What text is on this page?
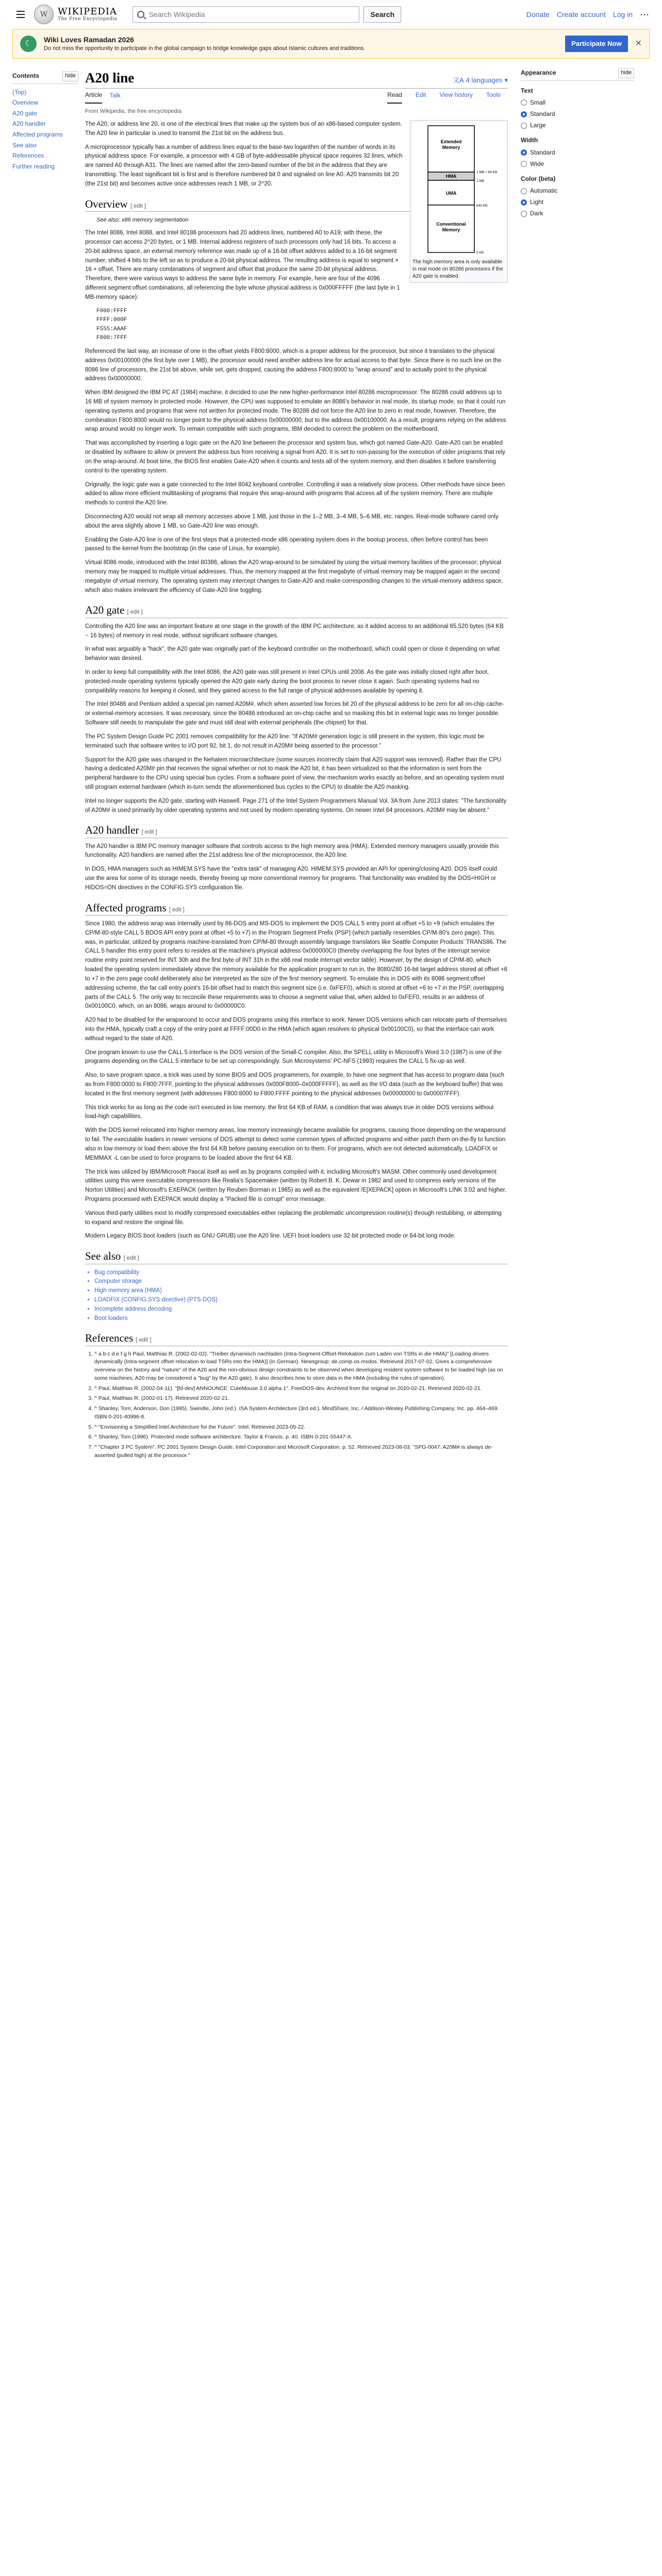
W	WIKIPEDIA
The Free Encyclopedia
Search Wikipedia	Search	Donate Create account Log in ⋯
☾	Wiki Loves Ramadan 2026
Do not miss the opportunity to participate in the global campaign to bridge knowledge gaps about Islamic cultures and traditions.
Participate Now	✕
Contents	hide
(Top)
Overview
A20 gate
A20 handler
Affected programs
See also
References
Further reading
A20 line	文A 4 languages ▾
Article Talk	Read Edit View history Tools
From Wikipedia, the free encyclopedia
Extended Memory
HMA
UMA
Conventional Memory
1 MB + 64 KB
1 MB
640 KB
0 KB
The high memory area is only available in real mode on 80286 processors if the A20 gate is enabled.

The A20, or address line 20, is one of the electrical lines that make up the system bus of an x86-based computer system. The A20 line in particular is used to transmit the 21st bit on the address bus.

A microprocessor typically has a number of address lines equal to the base-two logarithm of the number of words in its physical address space. For example, a processor with 4 GB of byte-addressable physical space requires 32 lines, which are named A0 through A31. The lines are named after the zero-based number of the bit in the address that they are transmitting. The least significant bit is first and is therefore numbered bit 0 and signaled on line A0. A20 transmits bit 20 (the 21st bit) and becomes active once addresses reach 1 MB, or 2^20.

Overview [ edit ]
See also: x86 memory segmentation

The Intel 8086, Intel 8088, and Intel 80186 processors had 20 address lines, numbered A0 to A19; with these, the processor can access 2^20 bytes, or 1 MB. Internal address registers of such processors only had 16 bits. To access a 20-bit address space, an external memory reference was made up of a 16-bit offset address added to a 16-bit segment number, shifted 4 bits to the left so as to produce a 20-bit physical address. The resulting address is equal to segment × 16 + offset. There are many combinations of segment and offset that produce the same 20-bit physical address. Therefore, there were various ways to address the same byte in memory. For example, here are four of the 4096 different segment:offset combinations, all referencing the byte whose physical address is 0x000FFFFF (the last byte in 1 MB-memory space):

F000:FFFF
FFFF:000F
F555:AAAF
F800:7FFF

Referenced the last way, an increase of one in the offset yields F800:8000, which is a proper address for the processor, but since it translates to the physical address 0x00100000 (the first byte over 1 MB), the processor would need another address line for actual access to that byte. Since there is no such line on the 8086 line of processors, the 21st bit above, while set, gets dropped, causing the address F800:8000 to "wrap around" and to actually point to the physical address 0x00000000.

When IBM designed the IBM PC AT (1984) machine, it decided to use the new higher-performance Intel 80286 microprocessor. The 80286 could address up to 16 MB of system memory in protected mode. However, the CPU was supposed to emulate an 8086's behavior in real mode, its startup mode, so that it could run operating systems and programs that were not written for protected mode. The 80286 did not force the A20 line to zero in real mode, however. Therefore, the combination F800:8000 would no longer point to the physical address 0x00000000, but to the address 0x00100000. As a result, programs relying on the address wrap around would no longer work. To remain compatible with such programs, IBM decided to correct the problem on the motherboard.

That was accomplished by inserting a logic gate on the A20 line between the processor and system bus, which got named Gate-A20. Gate-A20 can be enabled or disabled by software to allow or prevent the address bus from receiving a signal from A20. It is set to non-passing for the execution of older programs that rely on the wrap-around. At boot time, the BIOS first enables Gate-A20 when it counts and tests all of the system memory, and then disables it before transferring control to the operating system.

Originally, the logic gate was a gate connected to the Intel 8042 keyboard controller. Controlling it was a relatively slow process. Other methods have since been added to allow more efficient multitasking of programs that require this wrap-around with programs that access all of the system memory. There are multiple methods to control the A20 line.

Disconnecting A20 would not wrap all memory accesses above 1 MB, just those in the 1–2 MB, 3–4 MB, 5–6 MB, etc. ranges. Real-mode software cared only about the area slightly above 1 MB, so Gate-A20 line was enough.

Enabling the Gate-A20 line is one of the first steps that a protected-mode x86 operating system does in the bootup process, often before control has been passed to the kernel from the bootstrap (in the case of Linux, for example).

Virtual 8086 mode, introduced with the Intel 80386, allows the A20 wrap-around to be simulated by using the virtual memory facilities of the processor; physical memory may be mapped to multiple virtual addresses. Thus, the memory mapped at the first megabyte of virtual memory may be mapped again in the second megabyte of virtual memory. The operating system may intercept changes to Gate-A20 and make corresponding changes to the virtual-memory address space, which also makes irrelevant the efficiency of Gate-A20 line toggling.

A20 gate [ edit ]

Controlling the A20 line was an important feature at one stage in the growth of the IBM PC architecture, as it added access to an additional 65,520 bytes (64 KB − 16 bytes) of memory in real mode, without significant software changes.

In what was arguably a "hack", the A20 gate was originally part of the keyboard controller on the motherboard, which could open or close it depending on what behavior was desired.

In order to keep full compatibility with the Intel 8086, the A20 gate was still present in Intel CPUs until 2008. As the gate was initially closed right after boot, protected-mode operating systems typically opened the A20 gate early during the boot process to never close it again. Such operating systems had no compatibility reasons for keeping it closed, and they gained access to the full range of physical addresses available by opening it.

The Intel 80486 and Pentium added a special pin named A20M#, which when asserted low forces bit 20 of the physical address to be zero for all on-chip cache- or external-memory accesses. It was necessary, since the 80486 introduced an on-chip cache and so masking this bit in external logic was no longer possible. Software still needs to manipulate the gate and must still deal with external peripherals (the chipset) for that.

The PC System Design Guide PC 2001 removes compatibility for the A20 line: "If A20M# generation logic is still present in the system, this logic must be terminated such that software writes to I/O port 92, bit 1, do not result in A20M# being asserted to the processor."

Support for the A20 gate was changed in the Nehalem microarchitecture (some sources incorrectly claim that A20 support was removed). Rather than the CPU having a dedicated A20M# pin that receives the signal whether or not to mask the A20 bit, it has been virtualized so that the information is sent from the peripheral hardware to the CPU using special bus cycles. From a software point of view, the mechanism works exactly as before, and an operating system must still program external hardware (which in-turn sends the aforementioned bus cycles to the CPU) to disable the A20 masking.

Intel no longer supports the A20 gate, starting with Haswell. Page 271 of the Intel System Programmers Manual Vol. 3A from June 2013 states: "The functionality of A20M# is used primarily by older operating systems and not used by modern operating systems. On newer Intel 64 processors, A20M# may be absent."

A20 handler [ edit ]

The A20 handler is IBM PC memory manager software that controls access to the high memory area (HMA). Extended memory managers usually provide this functionality. A20 handlers are named after the 21st address line of the microprocessor, the A20 line.

In DOS, HMA managers such as HIMEM.SYS have the "extra task" of managing A20. HIMEM.SYS provided an API for opening/closing A20. DOS itself could use the area for some of its storage needs, thereby freeing up more conventional memory for programs. That functionality was enabled by the DOS=HIGH or HIDOS=ON directives in the CONFIG.SYS configuration file.

Affected programs [ edit ]

Since 1980, the address wrap was internally used by 86-DOS and MS-DOS to implement the DOS CALL 5 entry point at offset +5 to +9 (which emulates the CP/M-80-style CALL 5 BDOS API entry point at offset +5 to +7) in the Program Segment Prefix (PSP) (which partially resembles CP/M-80's zero page). This was, in particular, utilized by programs machine-translated from CP/M-80 through assembly language translators like Seattle Computer Products' TRANS86. The CALL 5 handler this entry point refers to resides at the machine's physical address 0x000000C0 (thereby overlapping the four bytes of the interrupt service routine entry point reserved for INT 30h and the first byte of INT 31h in the x86 real mode interrupt vector table). However, by the design of CP/M-80, which loaded the operating system immediately above the memory available for the application program to run in, the 8080/Z80 16-bit target address stored at offset +6 to +7 in the zero page could deliberately also be interpreted as the size of the first memory segment. To emulate this in DOS with its 8086 segment:offset addressing scheme, the far call entry point's 16-bit offset had to match this segment size (i.e. 0xFEF0), which is stored at offset +6 to +7 in the PSP, overlapping parts of the CALL 5. The only way to reconcile these requirements was to choose a segment value that, when added to 0xFEF0, results in an address of 0x00100C0, which, on an 8086, wraps around to 0x00000C0.

A20 had to be disabled for the wraparound to occur and DOS programs using this interface to work. Newer DOS versions which can relocate parts of themselves into the HMA, typically craft a copy of the entry point at FFFF:00D0 in the HMA (which again resolves to physical 0x00100C0), so that the interface can work without regard to the state of A20.

One program known to use the CALL 5 interface is the DOS version of the Small-C compiler. Also, the SPELL utility in Microsoft's Word 3.0 (1987) is one of the programs depending on the CALL 5 interface to be set up correspondingly. Sun Microsystems' PC-NFS (1993) requires the CALL 5 fix-up as well.

Also, to save program space, a trick was used by some BIOS and DOS programmers, for example, to have one segment that has access to program data (such as from F800:0000 to F800:7FFF, pointing to the physical addresses 0x000F8000–0x000FFFFF), as well as the I/O data (such as the keyboard buffer) that was located in the first memory segment (with addresses F800:8000 to F800:FFFF pointing to the physical addresses 0x00000000 to 0x00007FFF).

This trick works for as long as the code isn't executed in low memory, the first 64 KB of RAM, a condition that was always true in older DOS versions without load-high capabilities.

With the DOS kernel relocated into higher memory areas, low memory increasingly became available for programs, causing those depending on the wraparound to fail. The executable loaders in newer versions of DOS attempt to detect some common types of affected programs and either patch them on-the-fly to function also in low memory or load them above the first 64 KB before passing execution on to them. For programs, which are not detected automatically, LOADFIX or MEMMAX -L can be used to force programs to be loaded above the first 64 KB.

The trick was utilized by IBM/Microsoft Pascal itself as well as by programs compiled with it, including Microsoft's MASM. Other commonly used development utilities using this were executable compressors like Realia's Spacemaker (written by Robert B. K. Dewar in 1982 and used to compress early versions of the Norton Utilities) and Microsoft's EXEPACK (written by Reuben Borman in 1985) as well as the equivalent /E[XEPACK] option in Microsoft's LINK 3.02 and higher. Programs processed with EXEPACK would display a "Packed file is corrupt" error message.

Various third-party utilities exist to modify compressed executables either replacing the problematic uncompression routine(s) through restubbing, or attempting to expand and restore the original file.

Modern Legacy BIOS boot loaders (such as GNU GRUB) use the A20 line. UEFI boot loaders use 32-bit protected mode or 64-bit long mode.

See also [ edit ]
• Bug compatibility
• Computer storage
• High memory area (HMA)
• LOADFIX (CONFIG.SYS directive) (PTS-DOS)
• Incomplete address decoding
• Boot loaders
References [ edit ]
1. ^ a b c d e f g h Paul, Matthias R. (2002-02-02). "Treiber dynamisch nachladen (Intra-Segment-Offset-Relokation zum Laden von TSRs in die HMA)" [Loading drivers dynamically (Intra-segment offset relocation to load TSRs into the HMA)] (in German). Newsgroup: de.comp.os.msdos. Retrieved 2017-07-02. Gives a comprehensive overview on the history and "nature" of the A20 and the non-obvious design constraints to be observed when developing resident system software to be loaded high (as on some machines, A20 may be considered a "bug" by the A20 gate). It also describes how to store data in the HMA (including the rules of operation).
2. ^ Paul, Matthias R. (2002-04-11). "[fd-dev] ANNOUNCE: CuteMouse 3.0 alpha 1". FreeDOS-dev. Archived from the original on 2020-02-21. Retrieved 2020-02-21.
3. ^ Paul, Matthias R. (2002-01-17). Retrieved 2020-02-21.
4. ^ Shanley, Tom; Anderson, Don (1995). Swindle, John (ed.). ISA System Architecture (3rd ed.). MindShare, Inc. / Addison-Wesley Publishing Company, Inc. pp. 464–469. ISBN 0-201-40996-8.
5. ^ "Envisioning a Simplified Intel Architecture for the Future". Intel. Retrieved 2023-05-22.
6. ^ Shanley, Tom (1996). Protected mode software architecture. Taylor & Francis. p. 40. ISBN 0-201-55447-X.
7. ^ "Chapter 3 PC System". PC 2001 System Design Guide. Intel Corporation and Microsoft Corporation. p. 52. Retrieved 2023-08-03. "SPG-0047: A20M# is always de-asserted (pulled high) at the processor."
Appearance	hide
Text
Small
Standard
Large
Width
Standard
Wide
Color (beta)
Automatic
Light
Dark
